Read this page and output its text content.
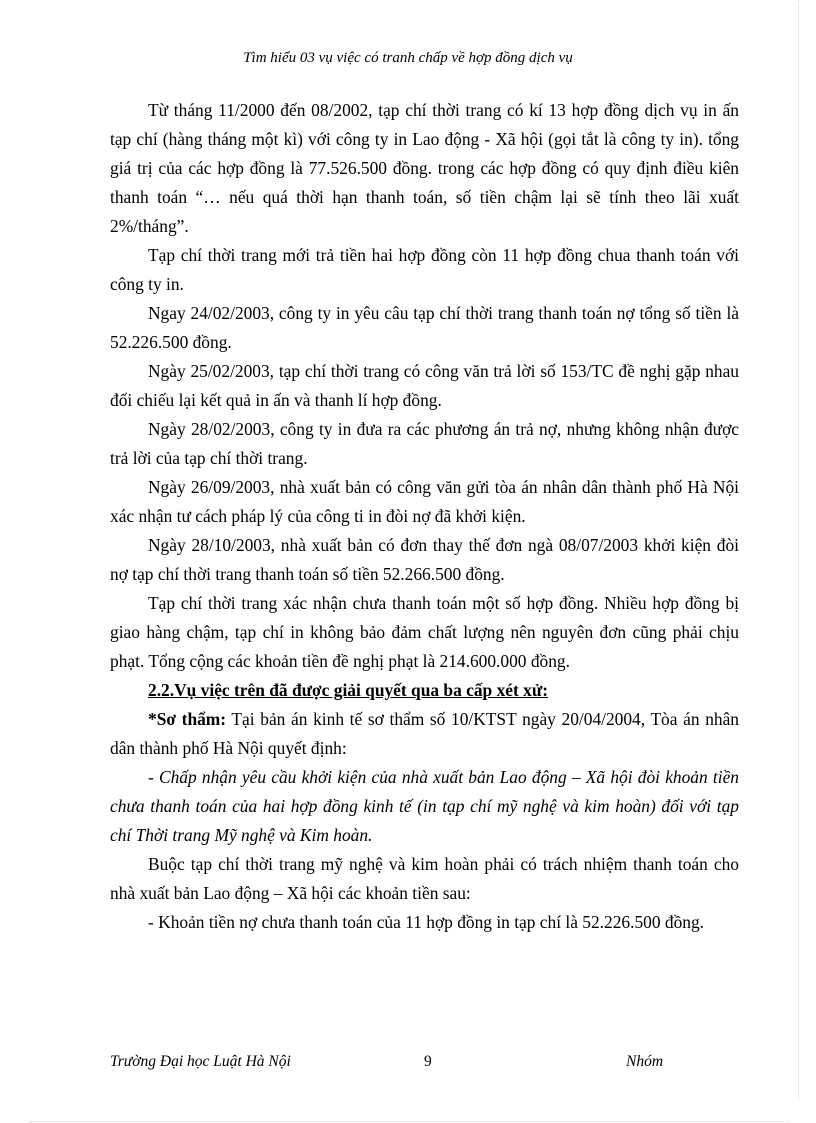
Tìm hiểu 03 vụ việc có tranh chấp về hợp đồng dịch vụ

Từ tháng 11/2000 đến 08/2002, tạp chí thời trang có kí 13 hợp đồng dịch vụ in ấn tạp chí (hàng tháng một kì) với công ty in Lao động - Xã hội (gọi tắt là công ty in). tổng giá trị của các hợp đồng là 77.526.500 đồng. trong các hợp đồng có quy định điều kiên thanh toán “… nếu quá thời hạn thanh toán, số tiền chậm lại sẽ tính theo lãi xuất 2%/tháng”.

Tạp chí thời trang mới trả tiền hai hợp đồng còn 11 hợp đồng chua thanh toán với công ty in.

Ngay 24/02/2003, công ty in yêu câu tạp chí thời trang thanh toán nợ tổng số tiền là 52.226.500 đồng.

Ngày 25/02/2003, tạp chí thời trang có công văn trả lời số 153/TC đề nghị gặp nhau đối chiếu lại kết quả in ấn và thanh lí hợp đồng.

Ngày 28/02/2003, công ty in đưa ra các phương án trả nợ, nhưng không nhận được trả lời của tạp chí thời trang.

Ngày 26/09/2003, nhà xuất bản có công văn gửi tòa án nhân dân thành phố Hà Nội xác nhận tư cách pháp lý của công ti in đòi nợ đã khởi kiện.

Ngày 28/10/2003, nhà xuất bản có đơn thay thế đơn ngà 08/07/2003 khởi kiện đòi nợ tạp chí thời trang thanh toán số tiền 52.266.500 đồng.

Tạp chí thời trang xác nhận chưa thanh toán một số hợp đồng. Nhiều hợp đồng bị giao hàng chậm, tạp chí in không bảo đảm chất lượng nên nguyên đơn cũng phải chịu phạt. Tổng cộng các khoản tiền đề nghị phạt là 214.600.000 đồng.

2.2.Vụ việc trên đã được giải quyết qua ba cấp xét xử:

*Sơ thẩm: Tại bản án kinh tế sơ thẩm số 10/KTST ngày 20/04/2004, Tòa án nhân dân thành phố Hà Nội quyết định:

- Chấp nhận yêu cầu khởi kiện của nhà xuất bản Lao động – Xã hội đòi khoản tiền chưa thanh toán của hai hợp đồng kinh tế (in tạp chí mỹ nghệ và kim hoàn) đối với tạp chí Thời trang Mỹ nghệ và Kim hoàn.

Buộc tạp chí thời trang mỹ nghệ và kim hoàn phải có trách nhiệm thanh toán cho nhà xuất bản Lao động – Xã hội các khoản tiền sau:

- Khoản tiền nợ chưa thanh toán của 11 hợp đồng in tạp chí là 52.226.500 đồng.

Trường Đại học Luật Hà Nội	9	Nhóm
